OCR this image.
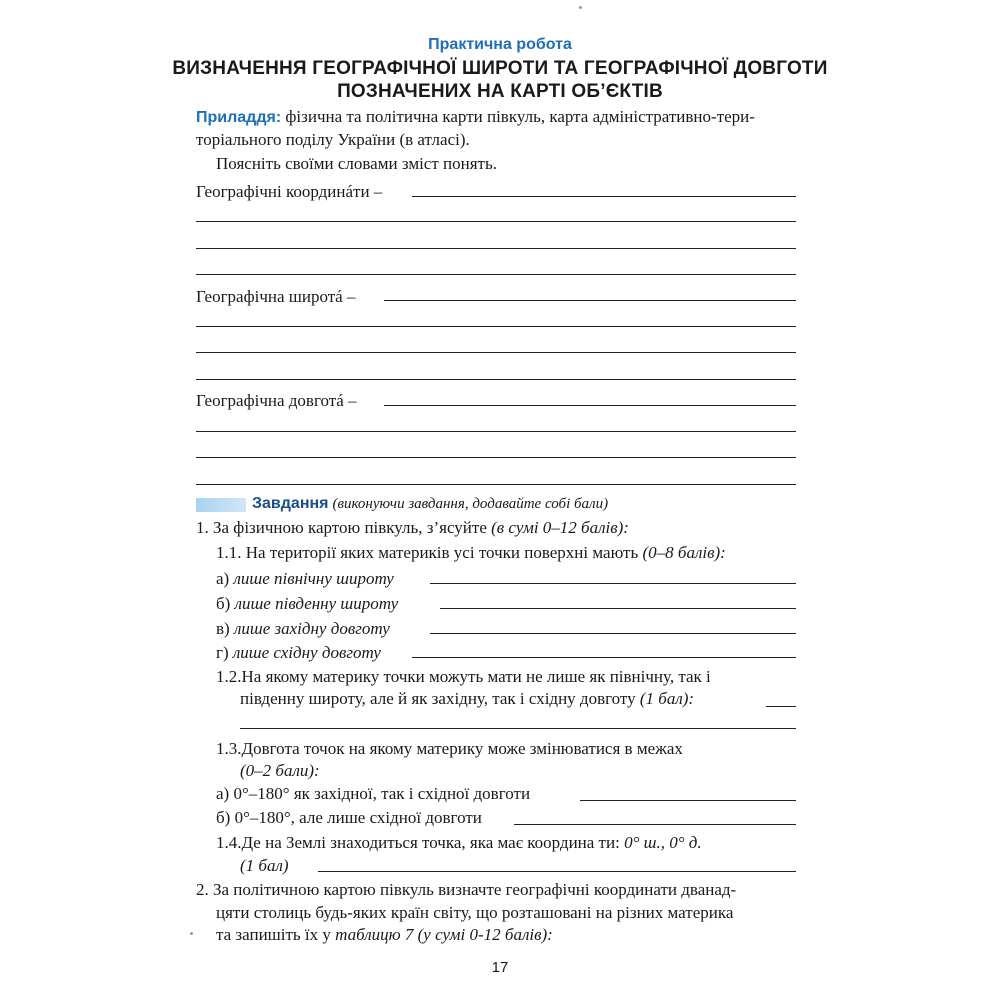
Практична робота
ВИЗНАЧЕННЯ ГЕОГРАФІЧНОЇ ШИРОТИ ТА ГЕОГРАФІЧНОЇ ДОВГОТИ
ПОЗНАЧЕНИХ НА КАРТІ ОБ’ЄКТІВ
Приладдя: фізична та політична карти півкуль, карта адміністративно-тери-
торіального поділу України (в атласі).
Поясніть своїми словами зміст понять.
Географічні координáти –
Географічна широтá –
Географічна довготá –
Завдання (виконуючи завдання, додавайте собі бали)
1. За фізичною картою півкуль, з’ясуйте (в сумі 0–12 балів):
1.1. На території яких материків усі точки поверхні мають (0–8 балів):
а) лише північну широту
б) лише південну широту
в) лише західну довготу
г) лише східну довготу
1.2.На якому материку точки можуть мати не лише як північну, так і
південну широту, але й як західну, так і східну довготу (1 бал):
1.3.Довгота точок на якому материку може змінюватися в межах
(0–2 бали):
а) 0°–180° як західної, так і східної довготи
б) 0°–180°, але лише східної довготи
1.4.Де на Землі знаходиться точка, яка має координа ти: 0° ш., 0° д.
(1 бал)
2. За політичною картою півкуль визначте географічні координати дванад-
цяти столиць будь-яких країн світу, що розташовані на різних материка
та запишіть їх у таблицю 7 (у сумі 0-12 балів):
17
